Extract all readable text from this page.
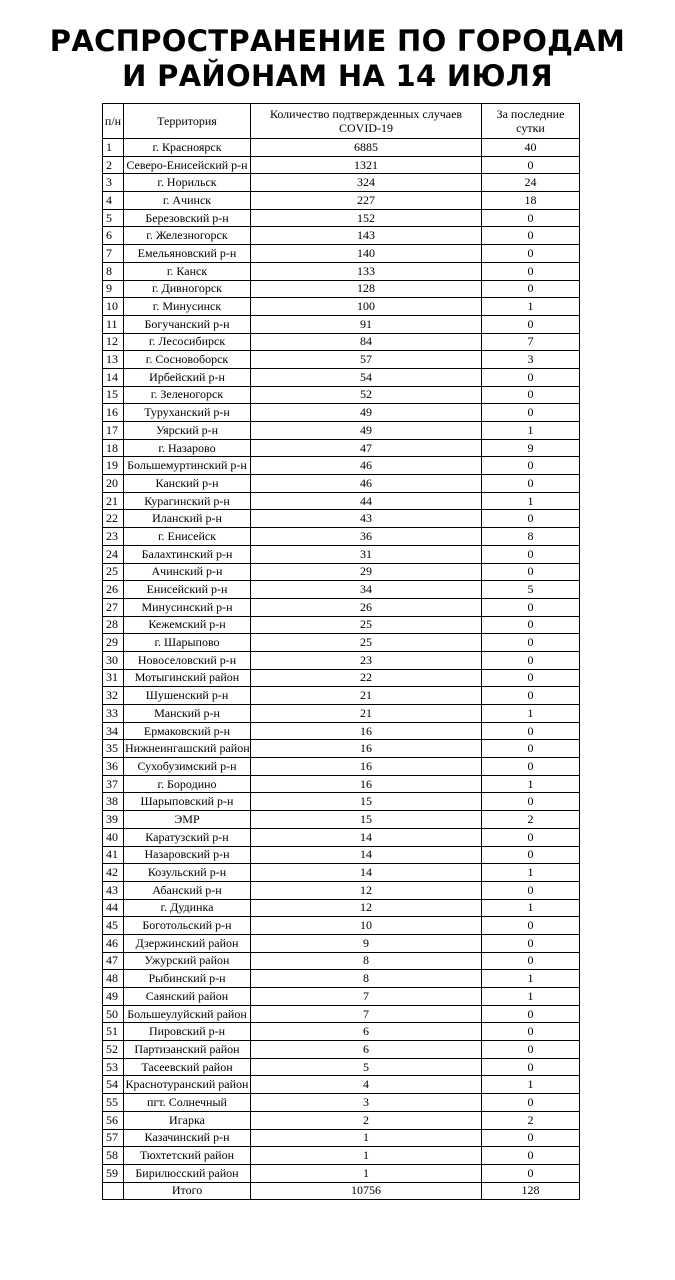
РАСПРОСТРАНЕНИЕ ПО ГОРОДАМ
И РАЙОНАМ НА 14 ИЮЛЯ
п/н	Территория	Количество подтвержденных случаев COVID-19	За последние сутки
1	г. Красноярск	6885	40
2	Северо-Енисейский р-н	1321	0
3	г. Норильск	324	24
4	г. Ачинск	227	18
5	Березовский р-н	152	0
6	г. Железногорск	143	0
7	Емельяновский р-н	140	0
8	г. Канск	133	0
9	г. Дивногорск	128	0
10	г. Минусинск	100	1
11	Богучанский р-н	91	0
12	г. Лесосибирск	84	7
13	г. Сосновоборск	57	3
14	Ирбейский р-н	54	0
15	г. Зеленогорск	52	0
16	Туруханский р-н	49	0
17	Уярский р-н	49	1
18	г. Назарово	47	9
19	Большемуртинский р-н	46	0
20	Канский р-н	46	0
21	Курагинский р-н	44	1
22	Иланский р-н	43	0
23	г. Енисейск	36	8
24	Балахтинский р-н	31	0
25	Ачинский р-н	29	0
26	Енисейский р-н	34	5
27	Минусинский р-н	26	0
28	Кежемский р-н	25	0
29	г. Шарыпово	25	0
30	Новоселовский р-н	23	0
31	Мотыгинский район	22	0
32	Шушенский р-н	21	0
33	Манский р-н	21	1
34	Ермаковский р-н	16	0
35	Нижнеингашский район	16	0
36	Сухобузимский р-н	16	0
37	г. Бородино	16	1
38	Шарыповский р-н	15	0
39	ЭМР	15	2
40	Каратузский р-н	14	0
41	Назаровский р-н	14	0
42	Козульский р-н	14	1
43	Абанский р-н	12	0
44	г. Дудинка	12	1
45	Боготольский р-н	10	0
46	Дзержинский район	9	0
47	Ужурский район	8	0
48	Рыбинский р-н	8	1
49	Саянский район	7	1
50	Большеулуйский район	7	0
51	Пировский р-н	6	0
52	Партизанский район	6	0
53	Тасеевский район	5	0
54	Краснотуранский район	4	1
55	пгт. Солнечный	3	0
56	Игарка	2	2
57	Казачинский р-н	1	0
58	Тюхтетский район	1	0
59	Бирилюсский район	1	0
	Итого	10756	128
